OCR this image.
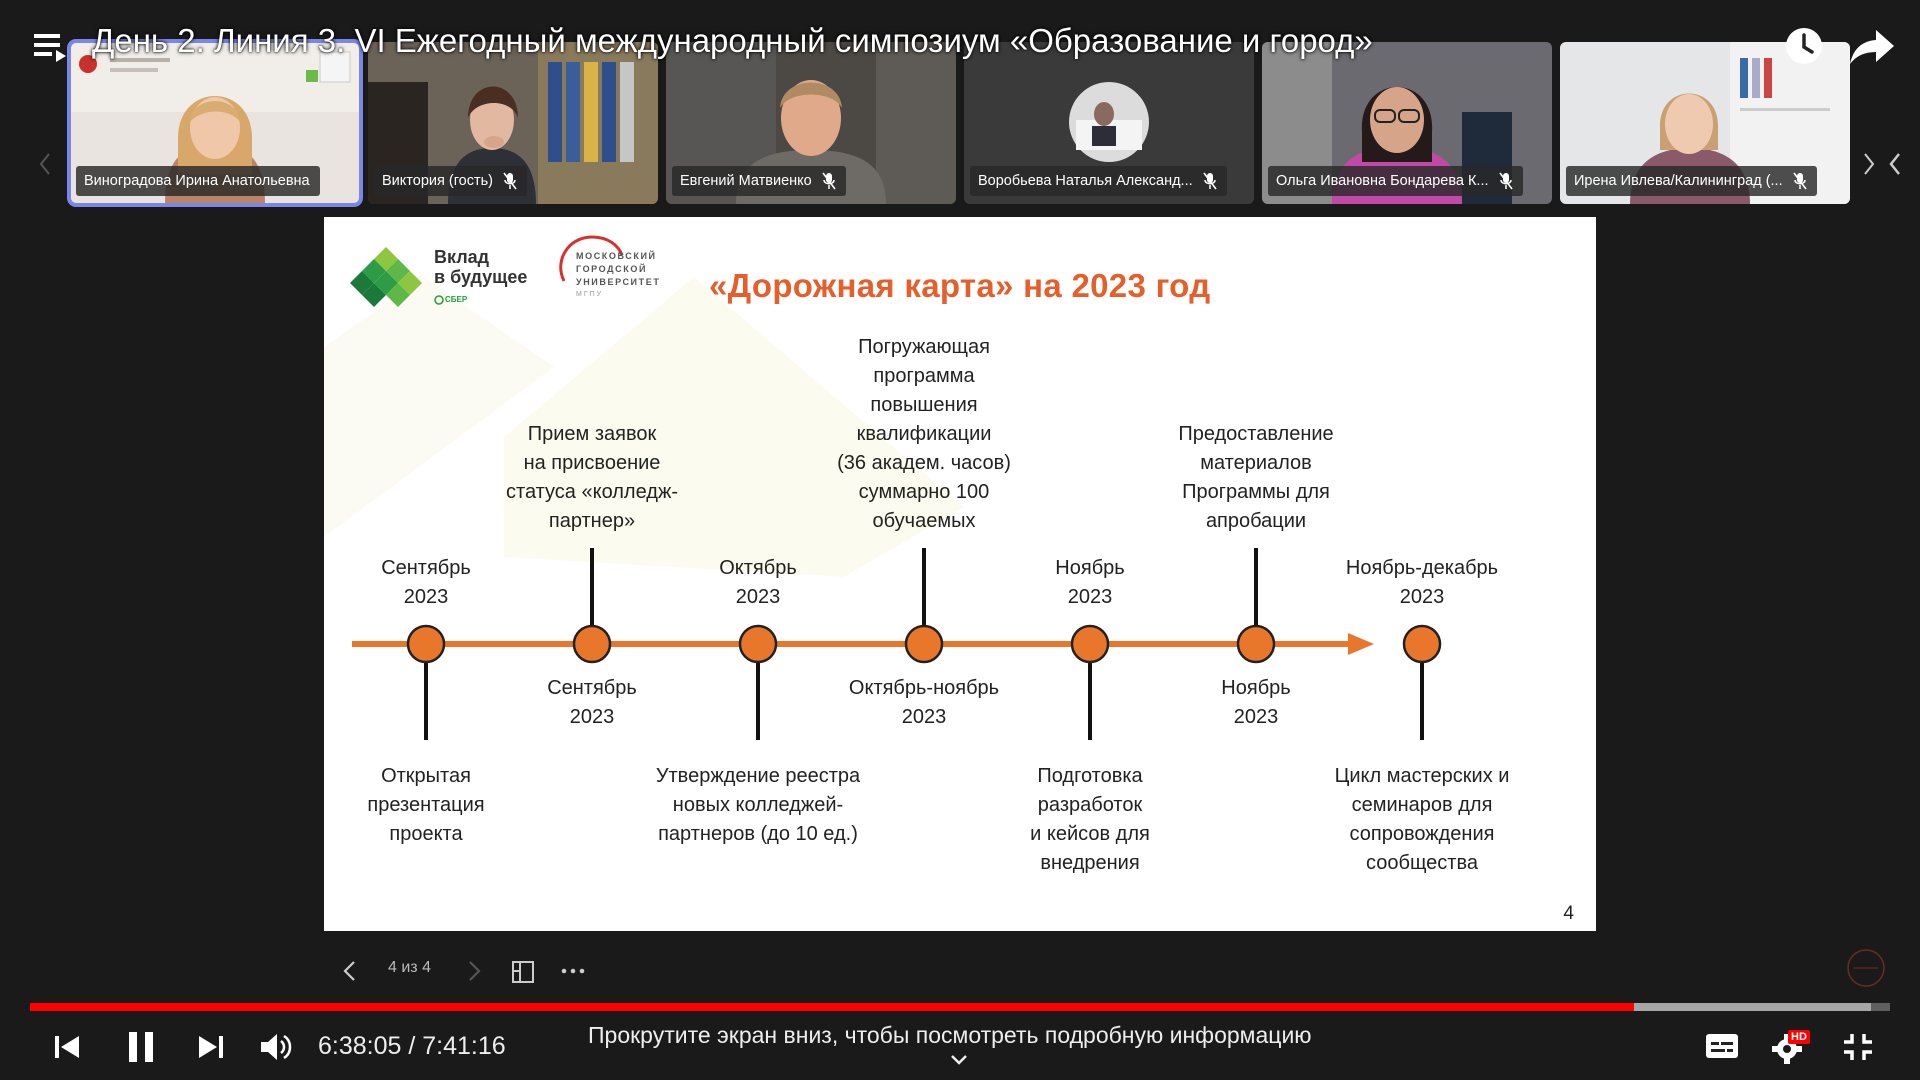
День 2. Линия 3. VI Ежегодный международный симпозиум «Образование и город»
Виноградова Ирина Анатольевна	Виктория (гость)	Евгений Матвиенко	Воробьева Наталья Александ...	Ольга Ивановна Бондарева К...	Ирена Ивлева/Калининград (...
Вклад
в будущее
СБЕР
МОСКОВСКИЙ
ГОРОДСКОЙ
УНИВЕРСИТЕТ
МГПУ	«Дорожная карта» на 2023 год
Сентябрь
2023
Открытая
презентация
проекта
Сентябрь
2023
Прием заявок
на присвоение
статуса «колледж-
партнер»
Октябрь
2023
Утверждение реестра
новых колледжей-
партнеров (до 10 ед.)
Октябрь-ноябрь
2023
Погружающая
программа
повышения
квалификации
(36 академ. часов)
суммарно 100
обучаемых
Ноябрь
2023
Подготовка
разработок
и кейсов для
внедрения
Ноябрь
2023
Предоставление
материалов
Программы для
апробации
Ноябрь-декабрь
2023
Цикл мастерских и
семинаров для
сопровождения
сообщества
4
4 из 4
6:38:05 / 7:41:16	Прокрутите экран вниз, чтобы посмотреть подробную информацию	HD
